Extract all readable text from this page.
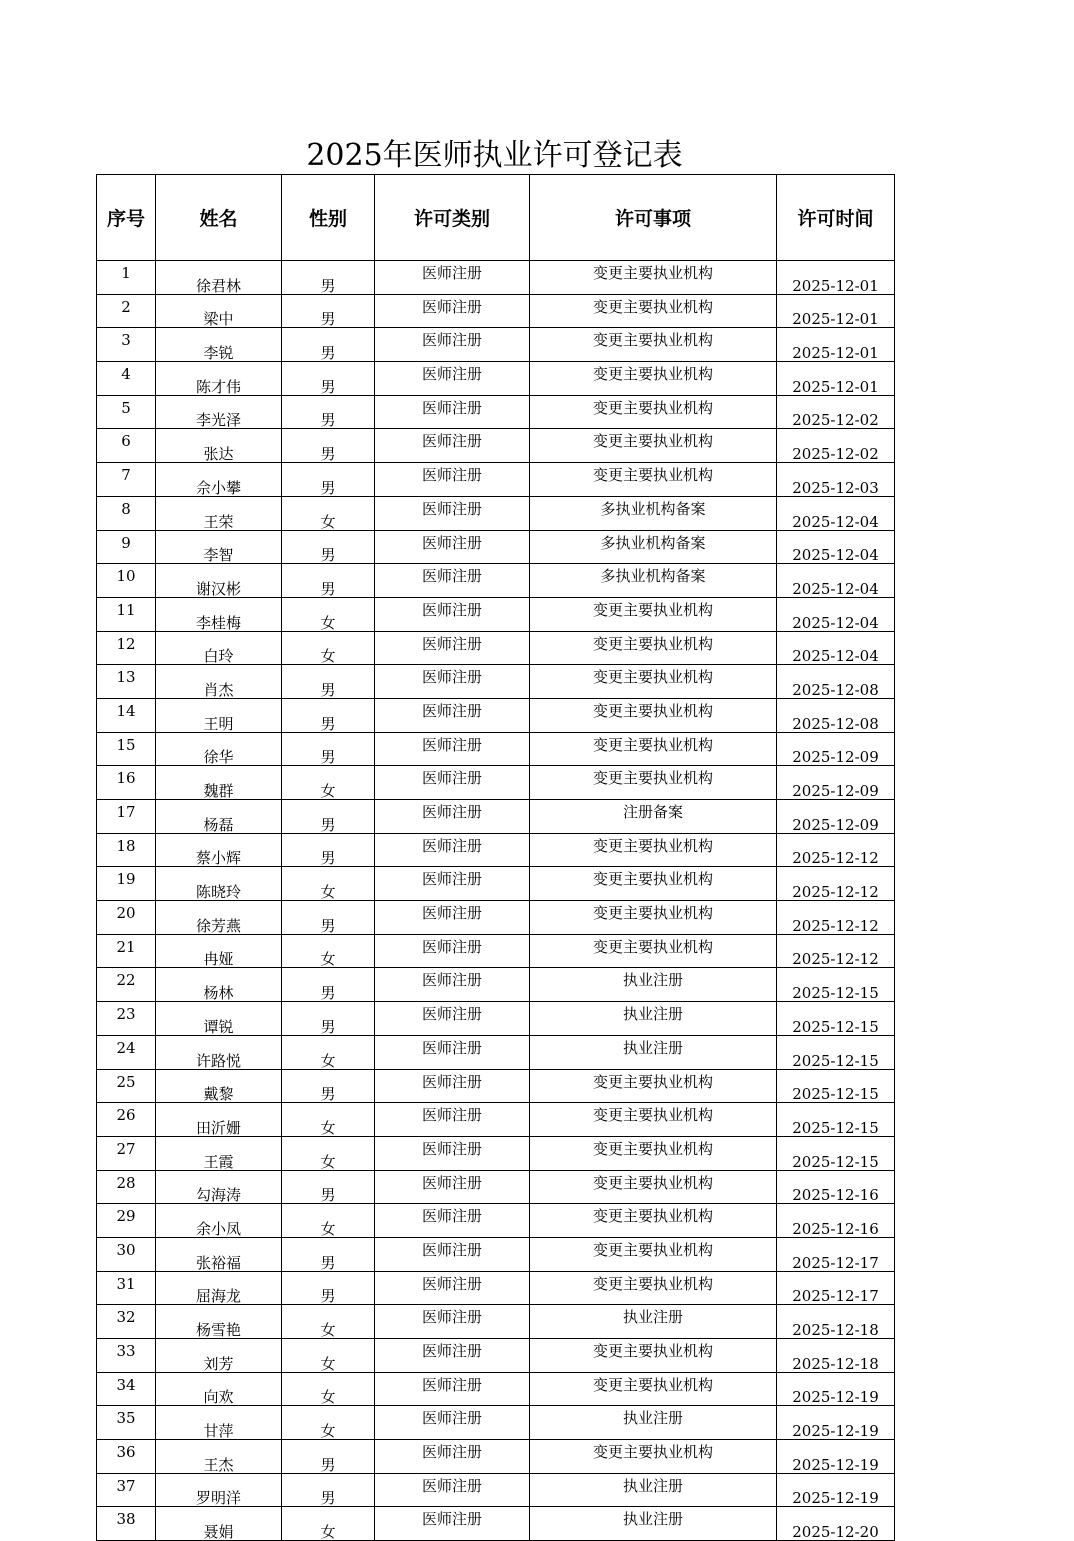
2025年医师执业许可登记表
序号	姓名	性别	许可类别	许可事项	许可时间
1	徐君林	男	医师注册	变更主要执业机构	2025-12-01
2	梁中	男	医师注册	变更主要执业机构	2025-12-01
3	李锐	男	医师注册	变更主要执业机构	2025-12-01
4	陈才伟	男	医师注册	变更主要执业机构	2025-12-01
5	李光泽	男	医师注册	变更主要执业机构	2025-12-02
6	张达	男	医师注册	变更主要执业机构	2025-12-02
7	佘小攀	男	医师注册	变更主要执业机构	2025-12-03
8	王荣	女	医师注册	多执业机构备案	2025-12-04
9	李智	男	医师注册	多执业机构备案	2025-12-04
10	谢汉彬	男	医师注册	多执业机构备案	2025-12-04
11	李桂梅	女	医师注册	变更主要执业机构	2025-12-04
12	白玲	女	医师注册	变更主要执业机构	2025-12-04
13	肖杰	男	医师注册	变更主要执业机构	2025-12-08
14	王明	男	医师注册	变更主要执业机构	2025-12-08
15	徐华	男	医师注册	变更主要执业机构	2025-12-09
16	魏群	女	医师注册	变更主要执业机构	2025-12-09
17	杨磊	男	医师注册	注册备案	2025-12-09
18	蔡小辉	男	医师注册	变更主要执业机构	2025-12-12
19	陈晓玲	女	医师注册	变更主要执业机构	2025-12-12
20	徐芳燕	男	医师注册	变更主要执业机构	2025-12-12
21	冉娅	女	医师注册	变更主要执业机构	2025-12-12
22	杨林	男	医师注册	执业注册	2025-12-15
23	谭锐	男	医师注册	执业注册	2025-12-15
24	许路悦	女	医师注册	执业注册	2025-12-15
25	戴黎	男	医师注册	变更主要执业机构	2025-12-15
26	田沂姗	女	医师注册	变更主要执业机构	2025-12-15
27	王霞	女	医师注册	变更主要执业机构	2025-12-15
28	勾海涛	男	医师注册	变更主要执业机构	2025-12-16
29	余小凤	女	医师注册	变更主要执业机构	2025-12-16
30	张裕福	男	医师注册	变更主要执业机构	2025-12-17
31	屈海龙	男	医师注册	变更主要执业机构	2025-12-17
32	杨雪艳	女	医师注册	执业注册	2025-12-18
33	刘芳	女	医师注册	变更主要执业机构	2025-12-18
34	向欢	女	医师注册	变更主要执业机构	2025-12-19
35	甘萍	女	医师注册	执业注册	2025-12-19
36	王杰	男	医师注册	变更主要执业机构	2025-12-19
37	罗明洋	男	医师注册	执业注册	2025-12-19
38	聂娟	女	医师注册	执业注册	2025-12-20
